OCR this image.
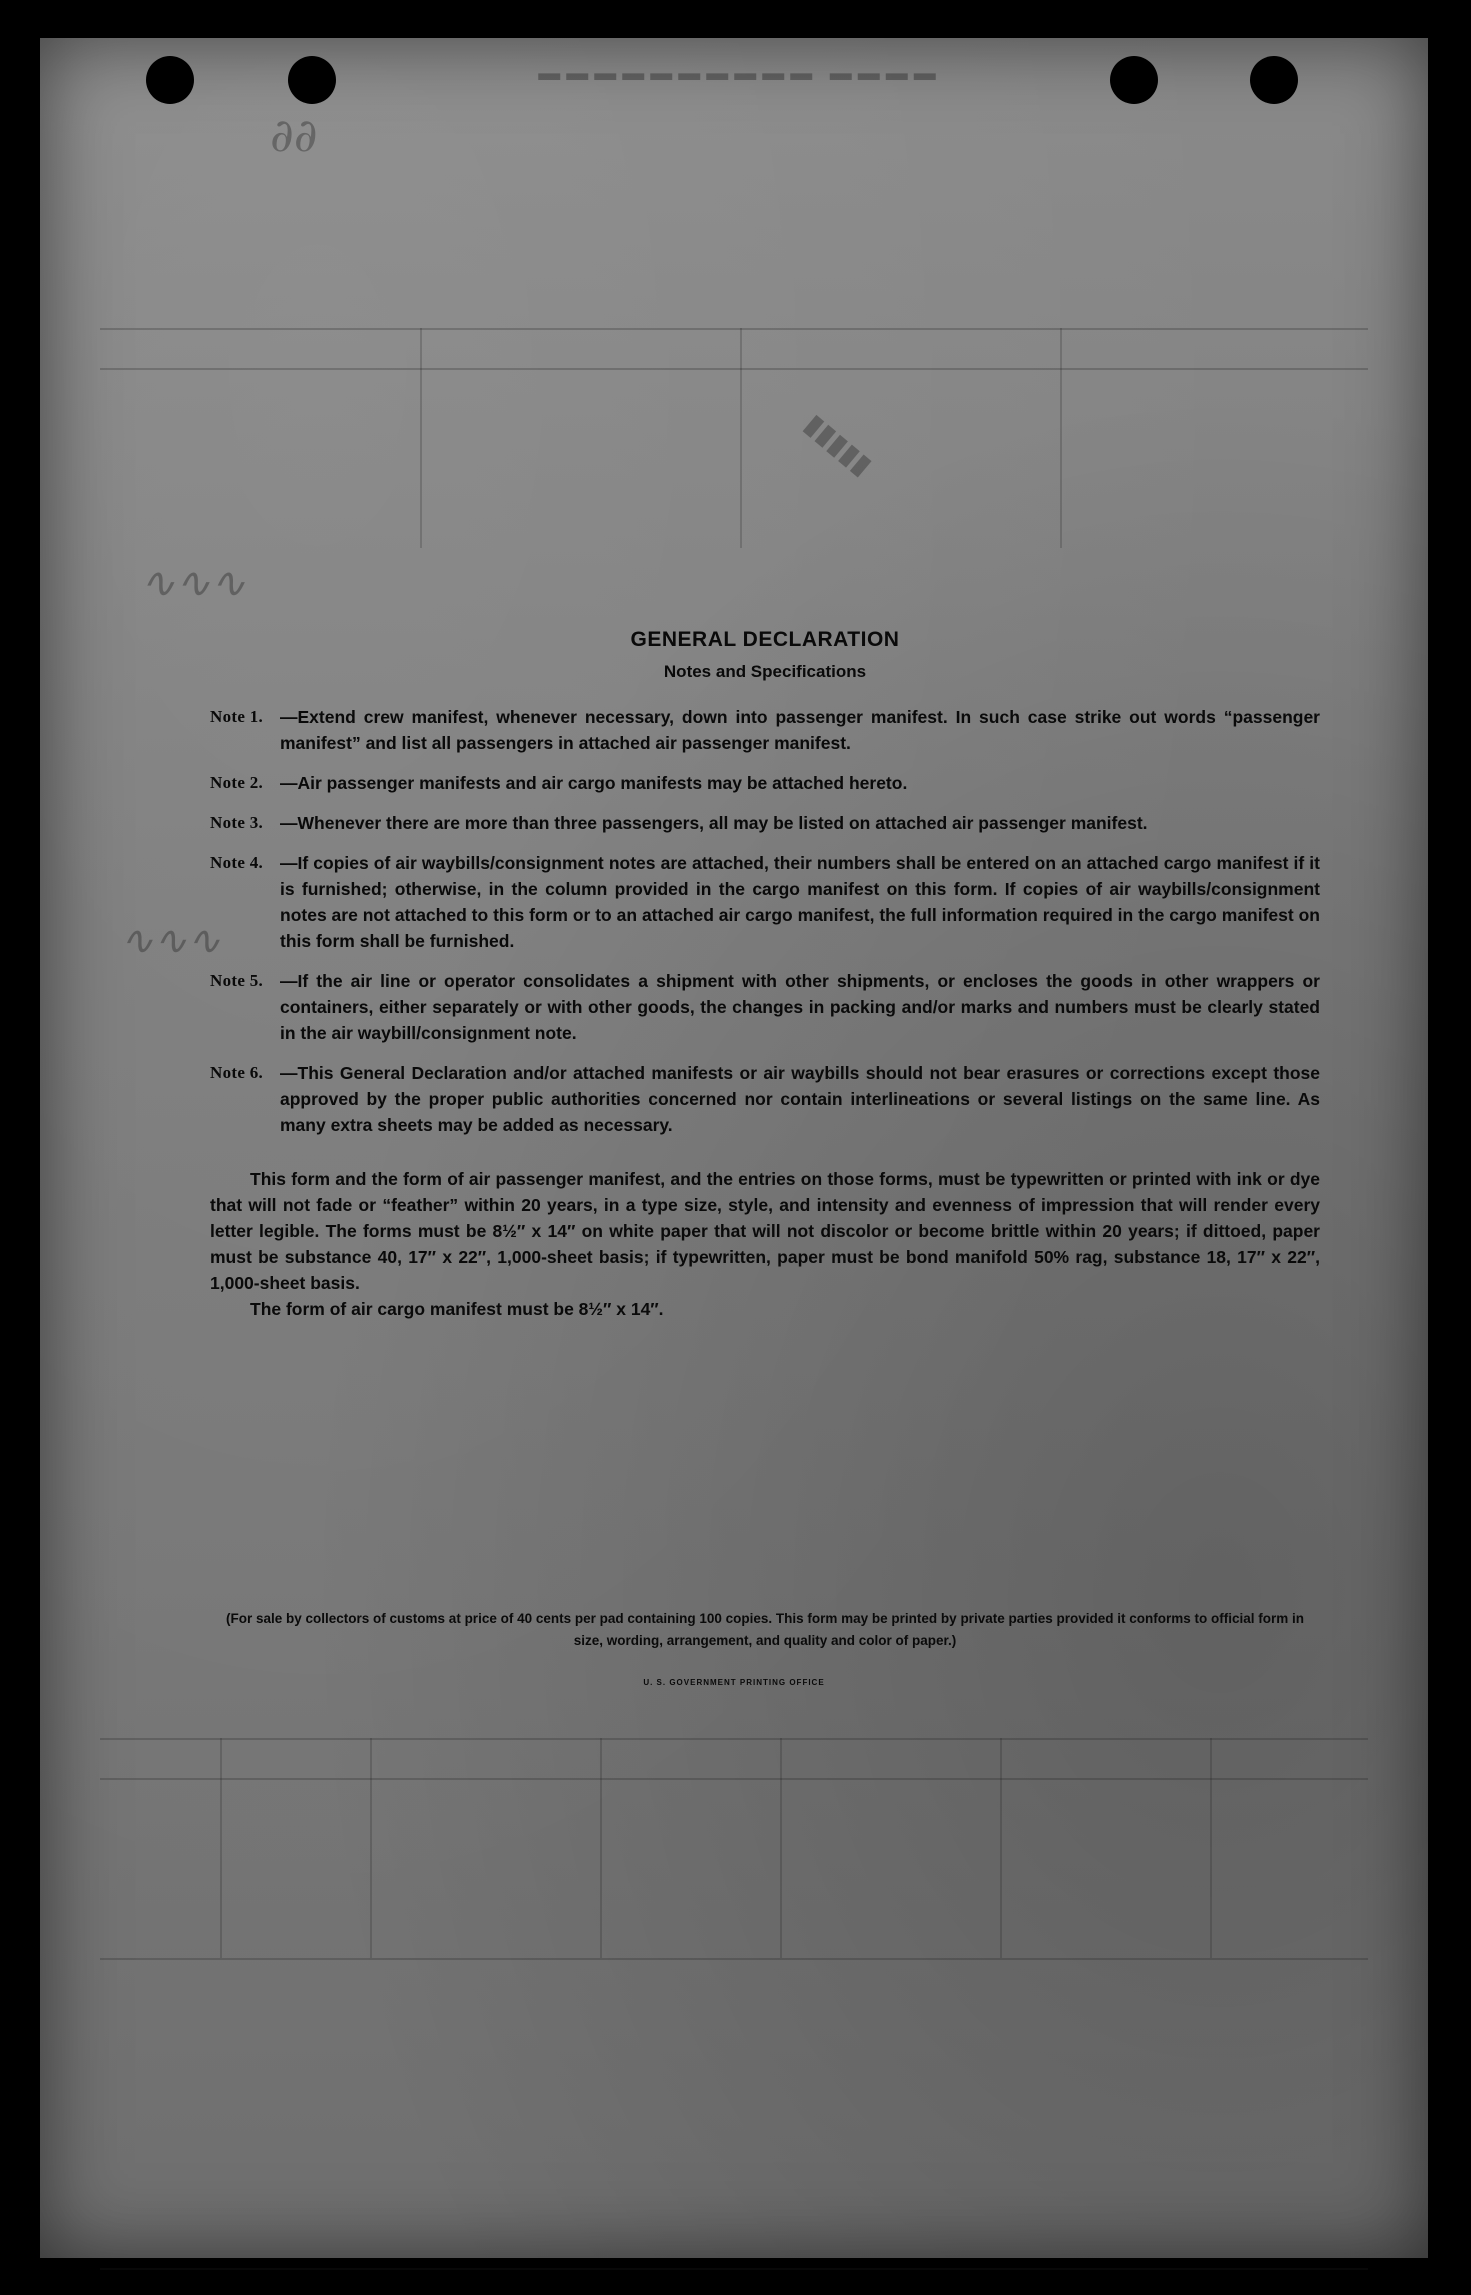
▬▬▬▬ ▬▬▬▬▬▬▬▬▬▬
∂∂
∿∿∿
▮▮▮▮▮
∿∿∿
GENERAL DECLARATION
Notes and Specifications
Note 1. —Extend crew manifest, whenever necessary, down into passenger manifest. In such case strike out words “passenger manifest” and list all passengers in attached air passenger manifest.
Note 2. —Air passenger manifests and air cargo manifests may be attached hereto.
Note 3. —Whenever there are more than three passengers, all may be listed on attached air passenger manifest.
Note 4. —If copies of air waybills/consignment notes are attached, their numbers shall be entered on an attached cargo manifest if it is furnished; otherwise, in the column provided in the cargo manifest on this form. If copies of air waybills/consignment notes are not attached to this form or to an attached air cargo manifest, the full information required in the cargo manifest on this form shall be furnished.
Note 5. —If the air line or operator consolidates a shipment with other shipments, or encloses the goods in other wrappers or containers, either separately or with other goods, the changes in packing and/or marks and numbers must be clearly stated in the air waybill/consignment note.
Note 6. —This General Declaration and/or attached manifests or air waybills should not bear erasures or corrections except those approved by the proper public authorities concerned nor contain interlineations or several listings on the same line. As many extra sheets may be added as necessary.
This form and the form of air passenger manifest, and the entries on those forms, must be typewritten or printed with ink or dye that will not fade or “feather” within 20 years, in a type size, style, and intensity and evenness of impression that will render every letter legible. The forms must be 8½″ x 14″ on white paper that will not discolor or become brittle within 20 years; if dittoed, paper must be substance 40, 17″ x 22″, 1,000-sheet basis; if typewritten, paper must be bond manifold 50% rag, substance 18, 17″ x 22″, 1,000-sheet basis.
The form of air cargo manifest must be 8½″ x 14″.
(For sale by collectors of customs at price of 40 cents per pad containing 100 copies. This form may be printed by private parties provided it conforms to official form in size, wording, arrangement, and quality and color of paper.)
U. S. GOVERNMENT PRINTING OFFICE
